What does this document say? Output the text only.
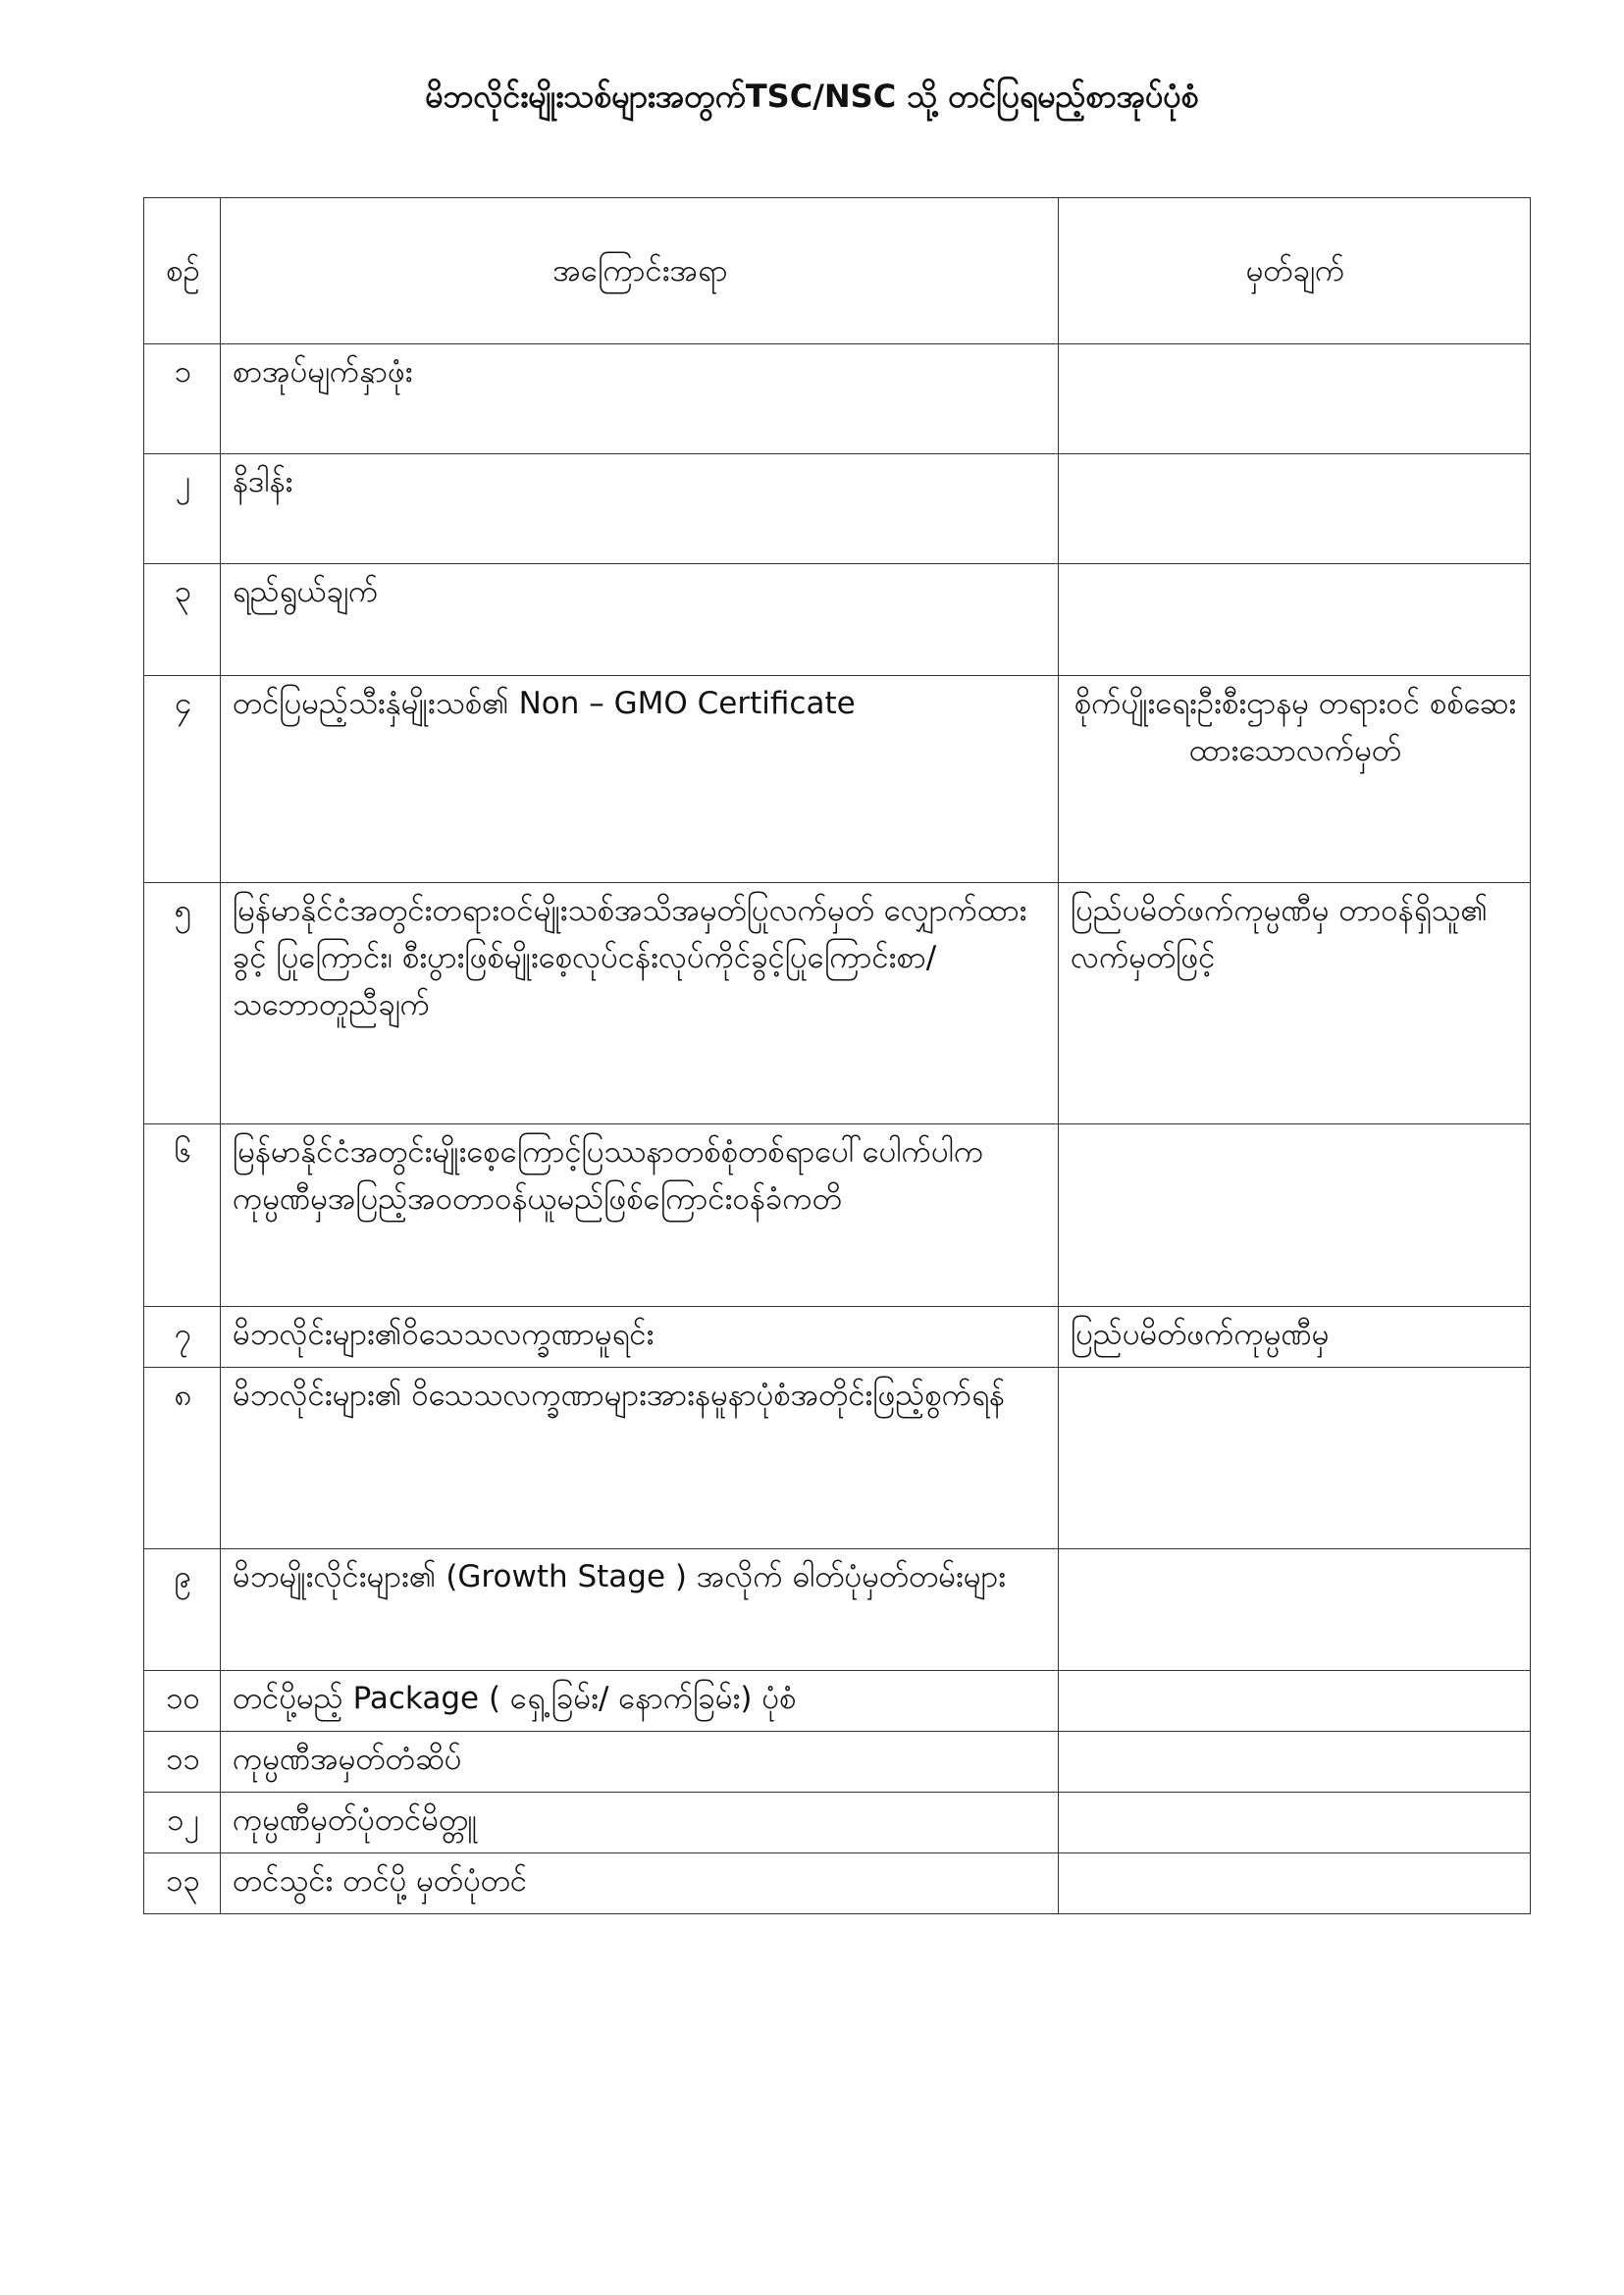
မိဘလိုင်းမျိုးသစ်များအတွက်TSC/NSC သို့ တင်ပြရမည့်စာအုပ်ပုံစံ
စဉ်	အကြောင်းအရာ	မှတ်ချက်
၁	စာအုပ်မျက်နှာဖုံး	
၂	နိဒါန်း	
၃	ရည်ရွယ်ချက်	
၄	တင်ပြမည့်သီးနှံမျိုးသစ်၏ Non – GMO Certificate	စိုက်ပျိုးရေးဦးစီးဌာနမှ တရားဝင် စစ်ဆေးထားသောလက်မှတ်
၅	မြန်မာနိုင်ငံအတွင်းတရားဝင်မျိုးသစ်အသိအမှတ်ပြုလက်မှတ် လျှောက်ထားခွင့် ပြုကြောင်း၊ စီးပွားဖြစ်မျိုးစေ့လုပ်ငန်းလုပ်ကိုင်ခွင့်ပြုကြောင်းစာ/ သဘောတူညီချက်	ပြည်ပမိတ်ဖက်ကုမ္ပဏီမှ တာဝန်ရှိသူ၏ လက်မှတ်ဖြင့်
၆	မြန်မာနိုင်ငံအတွင်းမျိုးစေ့ကြောင့်ပြဿနာတစ်စုံတစ်ရာပေါ်ပေါက်ပါကကုမ္ပဏီမှအပြည့်အဝတာဝန်ယူမည်ဖြစ်ကြောင်းဝန်ခံကတိ	
၇	မိဘလိုင်းများ၏ဝိသေသလက္ခဏာမူရင်း	ပြည်ပမိတ်ဖက်ကုမ္ပဏီမှ
၈	မိဘလိုင်းများ၏ ဝိသေသလက္ခဏာများအားနမူနာပုံစံအတိုင်းဖြည့်စွက်ရန်	
၉	မိဘမျိုးလိုင်းများ၏ (Growth Stage ) အလိုက် ဓါတ်ပုံမှတ်တမ်းများ	
၁၀	တင်ပို့မည့် Package ( ရှေ့ခြမ်း/ နောက်ခြမ်း) ပုံစံ	
၁၁	ကုမ္ပဏီအမှတ်တံဆိပ်	
၁၂	ကုမ္ပဏီမှတ်ပုံတင်မိတ္တူ	
၁၃	တင်သွင်း တင်ပို့ မှတ်ပုံတင်	
